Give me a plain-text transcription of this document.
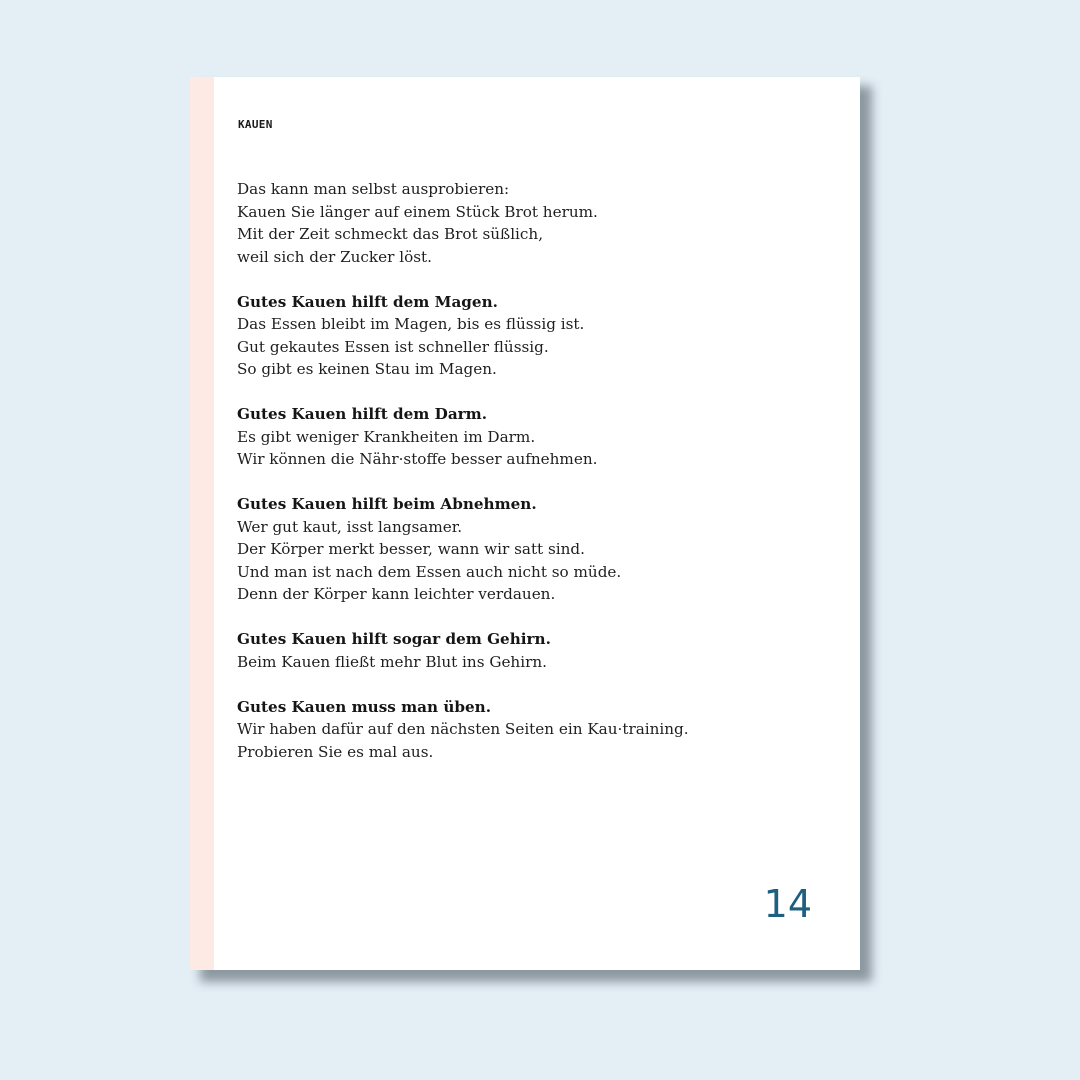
KAUEN

Das kann man selbst ausprobieren:
Kauen Sie länger auf einem Stück Brot herum.
Mit der Zeit schmeckt das Brot süßlich,
weil sich der Zucker löst.
Gutes Kauen hilft dem Magen.
Das Essen bleibt im Magen, bis es flüssig ist.
Gut gekautes Essen ist schneller flüssig.
So gibt es keinen Stau im Magen.
Gutes Kauen hilft dem Darm.
Es gibt weniger Krankheiten im Darm.
Wir können die Nähr·stoffe besser aufnehmen.
Gutes Kauen hilft beim Abnehmen.
Wer gut kaut, isst langsamer.
Der Körper merkt besser, wann wir satt sind.
Und man ist nach dem Essen auch nicht so müde.
Denn der Körper kann leichter verdauen.
Gutes Kauen hilft sogar dem Gehirn.
Beim Kauen fließt mehr Blut ins Gehirn.
Gutes Kauen muss man üben.
Wir haben dafür auf den nächsten Seiten ein Kau·training.
Probieren Sie es mal aus.

14
